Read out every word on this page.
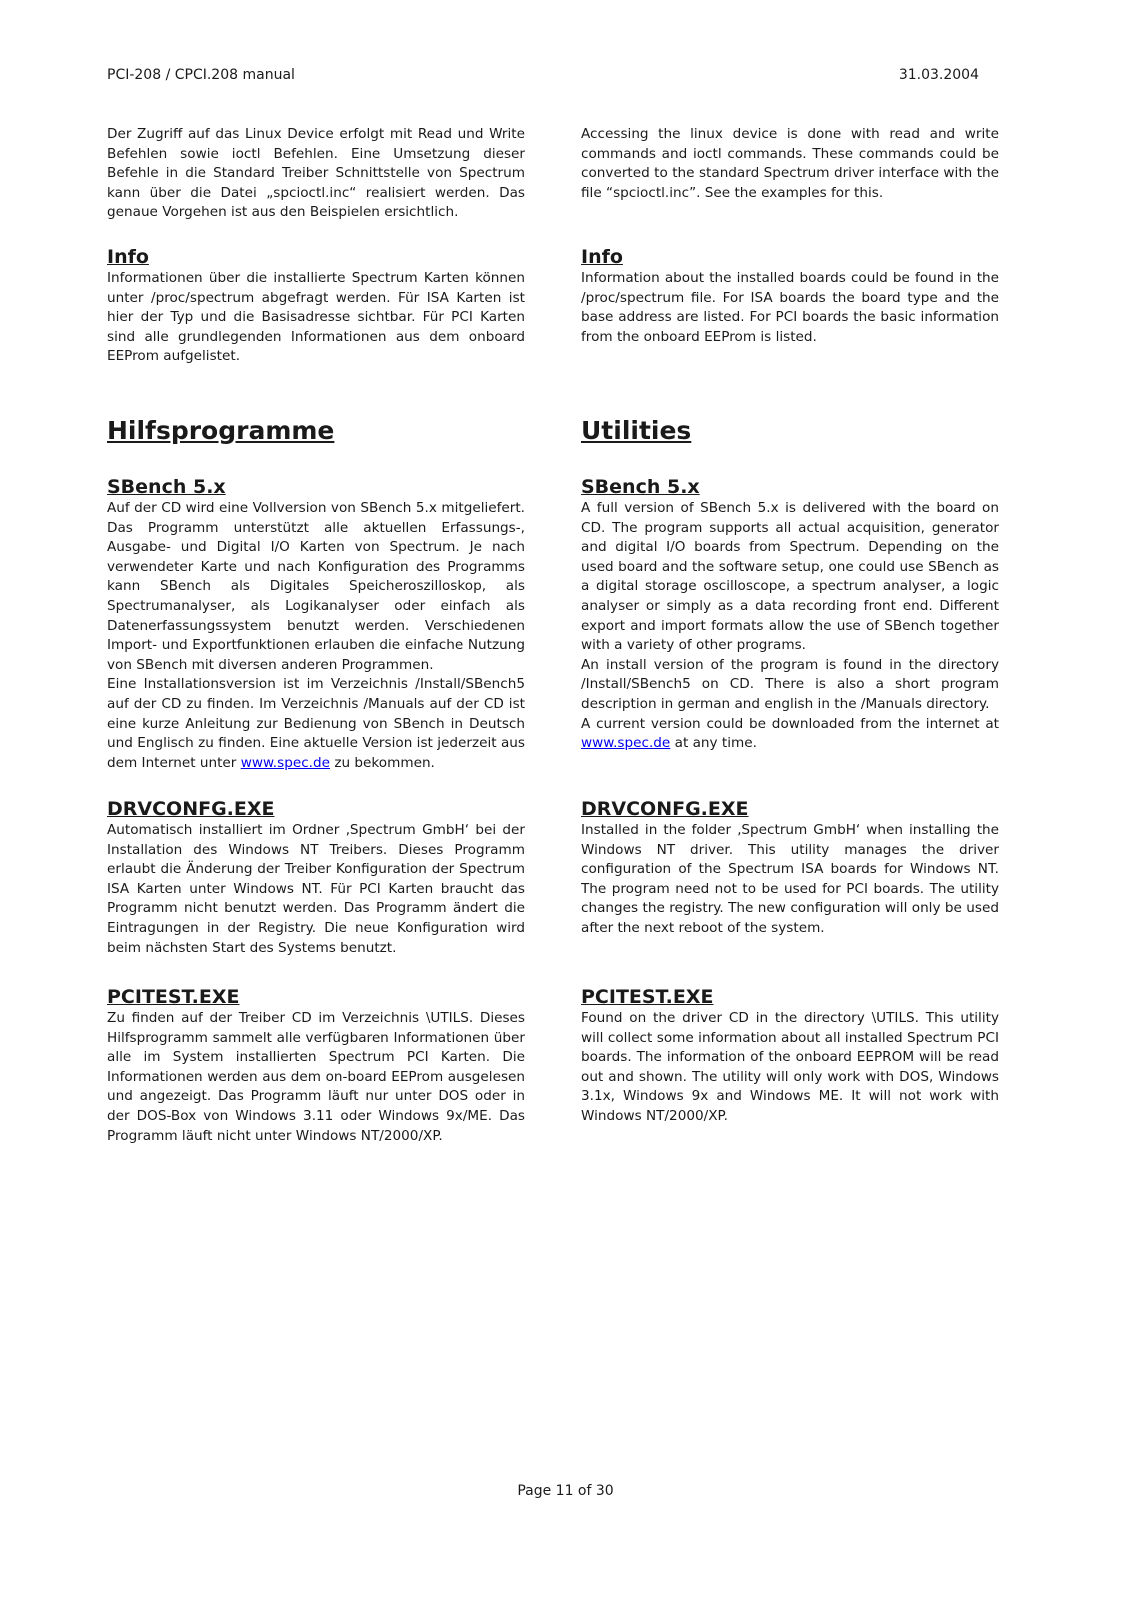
PCI-208 / CPCI.208 manual	31.03.2004

Der Zugriff auf das Linux Device erfolgt mit Read und Write Befehlen sowie ioctl Befehlen. Eine Umsetzung dieser Befehle in die Standard Treiber Schnittstelle von Spectrum kann über die Datei „spcioctl.inc“ realisiert werden. Das genaue Vorgehen ist aus den Beispielen ersichtlich.

Info

Informationen über die installierte Spectrum Karten können unter /proc/spectrum abgefragt werden. Für ISA Karten ist hier der Typ und die Basisadresse sichtbar. Für PCI Karten sind alle grundlegenden Informationen aus dem onboard EEProm aufgelistet.

Hilfsprogramme
SBench 5.x

Auf der CD wird eine Vollversion von SBench 5.x mitgeliefert. Das Programm unterstützt alle aktuellen Erfassungs-, Ausgabe- und Digital I/O Karten von Spectrum. Je nach verwendeter Karte und nach Konfiguration des Programms kann SBench als Digitales Speicheroszilloskop, als Spectrumanalyser, als Logikanalyser oder einfach als Datenerfassungssystem benutzt werden. Verschiedenen Import- und Exportfunktionen erlauben die einfache Nutzung von SBench mit diversen anderen Programmen.

Eine Installationsversion ist im Verzeichnis /Install/SBench5 auf der CD zu finden. Im Verzeichnis /Manuals auf der CD ist eine kurze Anleitung zur Bedienung von SBench in Deutsch und Englisch zu finden. Eine aktuelle Version ist jederzeit aus dem Internet unter www.spec.de zu bekommen.

DRVCONFG.EXE

Automatisch installiert im Ordner ‚Spectrum GmbH‘ bei der Installation des Windows NT Treibers. Dieses Programm erlaubt die Änderung der Treiber Konfiguration der Spectrum ISA Karten unter Windows NT. Für PCI Karten braucht das Programm nicht benutzt werden. Das Programm ändert die Eintragungen in der Registry. Die neue Konfiguration wird beim nächsten Start des Systems benutzt.

PCITEST.EXE

Zu finden auf der Treiber CD im Verzeichnis \UTILS. Dieses Hilfsprogramm sammelt alle verfügbaren Informationen über alle im System installierten Spectrum PCI Karten. Die Informationen werden aus dem on-board EEProm ausgelesen und angezeigt. Das Programm läuft nur unter DOS oder in der DOS-Box von Windows 3.11 oder Windows 9x/ME. Das Programm läuft nicht unter Windows NT/2000/XP.

Accessing the linux device is done with read and write commands and ioctl commands. These commands could be converted to the standard Spectrum driver interface with the file “spcioctl.inc”. See the examples for this.

Info

Information about the installed boards could be found in the /proc/spectrum file. For ISA boards the board type and the base address are listed. For PCI boards the basic information from the onboard EEProm is listed.

Utilities
SBench 5.x

A full version of SBench 5.x is delivered with the board on CD. The program supports all actual acquisition, generator and digital I/O boards from Spectrum. Depending on the used board and the software setup, one could use SBench as a digital storage oscilloscope, a spectrum analyser, a logic analyser or simply as a data recording front end. Different export and import formats allow the use of SBench together with a variety of other programs.

An install version of the program is found in the directory /Install/SBench5 on CD. There is also a short program description in german and english in the /Manuals directory.

A current version could be downloaded from the internet at www.spec.de at any time.

DRVCONFG.EXE

Installed in the folder ‚Spectrum GmbH‘ when installing the Windows NT driver. This utility manages the driver configuration of the Spectrum ISA boards for Windows NT. The program need not to be used for PCI boards. The utility changes the registry. The new configuration will only be used after the next reboot of the system.

PCITEST.EXE

Found on the driver CD in the directory \UTILS. This utility will collect some information about all installed Spectrum PCI boards. The information of the onboard EEPROM will be read out and shown. The utility will only work with DOS, Windows 3.1x, Windows 9x and Windows ME. It will not work with Windows NT/2000/XP.

Page 11 of 30
